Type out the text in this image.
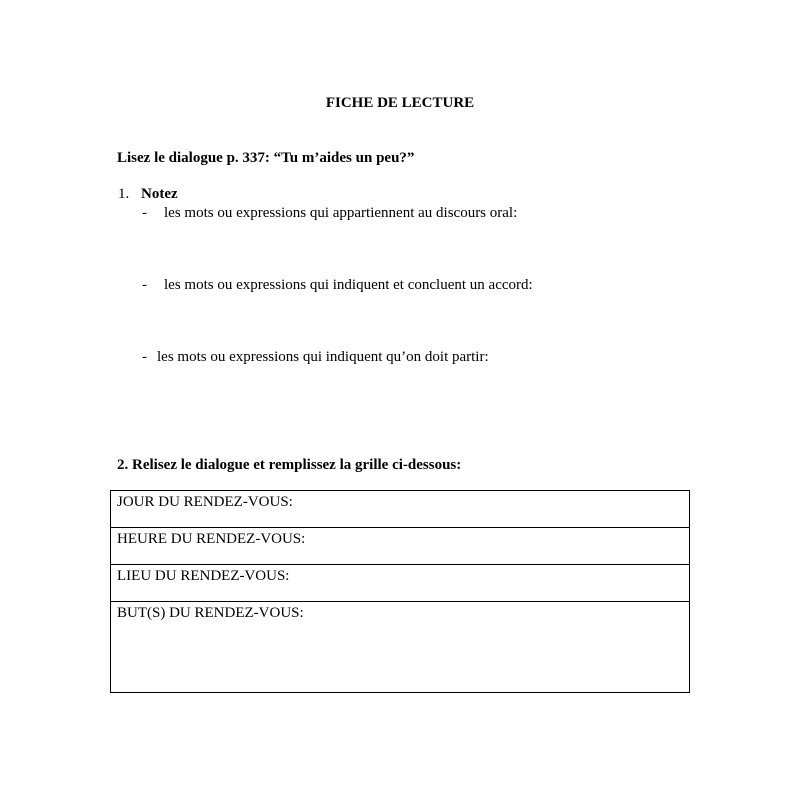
FICHE DE LECTURE
Lisez le dialogue p. 337: “Tu m’aides un peu?”
1. Notez
- les mots ou expressions qui appartiennent au discours oral:
- les mots ou expressions qui indiquent et concluent un accord:
- les mots ou expressions qui indiquent qu’on doit partir:
2. Relisez le dialogue et remplissez la grille ci-dessous:
JOUR DU RENDEZ-VOUS:
HEURE DU RENDEZ-VOUS:
LIEU DU RENDEZ-VOUS:
BUT(S) DU RENDEZ-VOUS:
